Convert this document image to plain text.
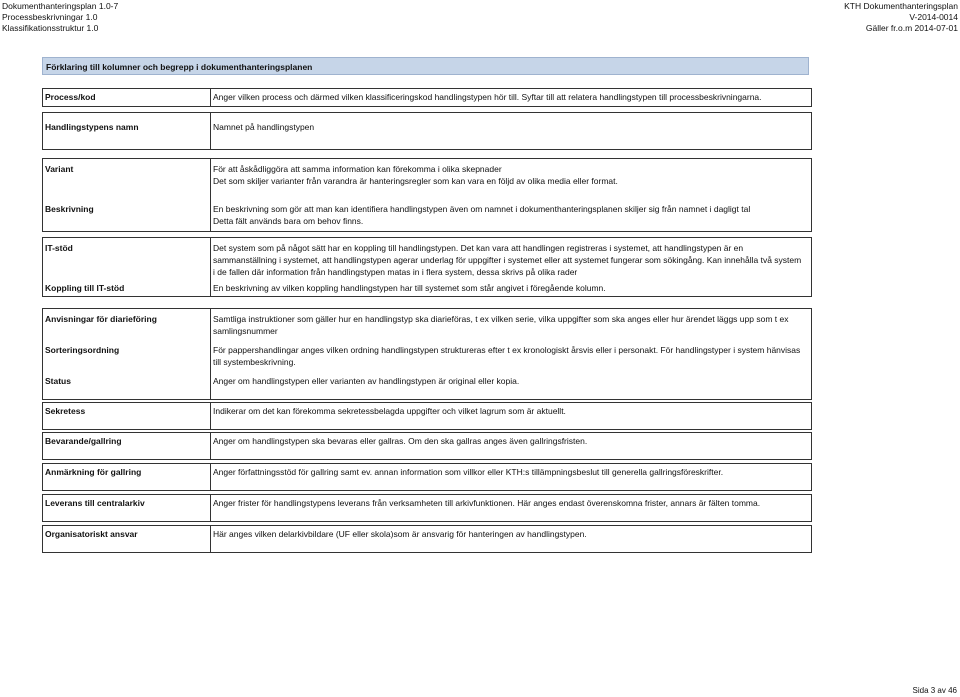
Dokumenthanteringsplan 1.0-7
Processbeskrivningar 1.0
Klassifikationsstruktur 1.0
KTH Dokumenthanteringsplan
V-2014-0014
Gäller fr.o.m 2014-07-01
Förklaring till kolumner och begrepp i dokumenthanteringsplanen
Process/kod	Anger vilken process och därmed vilken klassificeringskod handlingstypen hör till. Syftar till att relatera handlingstypen till processbeskrivningarna.
Handlingstypens namn	Namnet på handlingstypen
Variant	För att åskådliggöra att samma information kan förekomma i olika skepnader
Det som skiljer varianter från varandra är hanteringsregler som kan vara en följd av olika media eller format.
Beskrivning	En beskrivning som gör att man kan identifiera handlingstypen även om namnet i dokumenthanteringsplanen skiljer sig från namnet i dagligt tal
Detta fält används bara om behov finns.
IT-stöd	Det system som på något sätt har en koppling till handlingstypen. Det kan vara att handlingen registreras i systemet, att handlingstypen är en sammanställning i systemet, att handlingstypen agerar underlag för uppgifter i systemet eller att systemet fungerar som sökingång. Kan innehålla två system i de fallen där information från handlingstypen matas in i flera system, dessa skrivs på olika rader
Koppling till IT-stöd	En beskrivning av vilken koppling handlingstypen har till systemet som står angivet i föregående kolumn.
Anvisningar för diarieföring	Samtliga instruktioner som gäller hur en handlingstyp ska diarieföras, t ex vilken serie, vilka uppgifter som ska anges eller hur ärendet läggs upp som t ex samlingsnummer
Sorteringsordning	För pappershandlingar anges vilken ordning handlingstypen struktureras efter t ex kronologiskt årsvis eller i personakt. För handlingstyper i system hänvisas till systembeskrivning.
Status	Anger om handlingstypen eller varianten av handlingstypen är original eller kopia.
Sekretess	Indikerar om det kan förekomma sekretessbelagda uppgifter och vilket lagrum som är aktuellt.
Bevarande/gallring	Anger om handlingstypen ska bevaras eller gallras. Om den ska gallras anges även gallringsfristen.
Anmärkning för gallring	Anger författningsstöd för gallring samt ev. annan information som villkor eller KTH:s tillämpningsbeslut till generella gallringsföreskrifter.
Leverans till centralarkiv	Anger frister för handlingstypens leverans från verksamheten till arkivfunktionen. Här anges endast överenskomna frister, annars är fälten tomma.
Organisatoriskt ansvar	Här anges vilken delarkivbildare (UF eller skola)som är ansvarig för hanteringen av handlingstypen.
Sida 3 av 46
